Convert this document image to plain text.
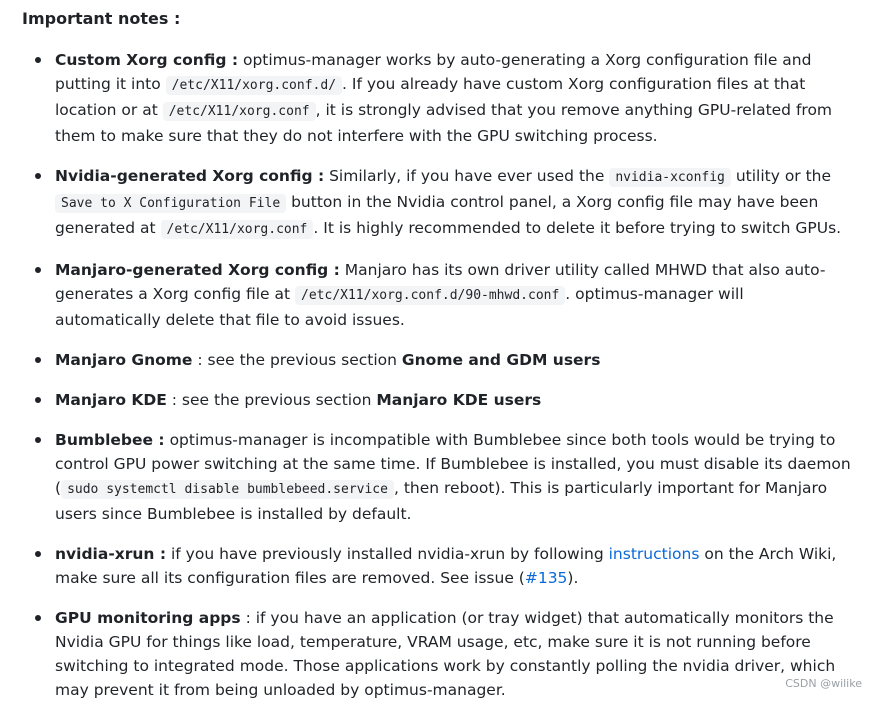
Important notes :
Custom Xorg config : optimus-manager works by auto-generating a Xorg configuration file and putting it into /etc/X11/xorg.conf.d/ . If you already have custom Xorg configuration files at that location or at /etc/X11/xorg.conf , it is strongly advised that you remove anything GPU-related from them to make sure that they do not interfere with the GPU switching process.
Nvidia-generated Xorg config : Similarly, if you have ever used the nvidia-xconfig utility or the Save to X Configuration File button in the Nvidia control panel, a Xorg config file may have been generated at /etc/X11/xorg.conf . It is highly recommended to delete it before trying to switch GPUs.
Manjaro-generated Xorg config : Manjaro has its own driver utility called MHWD that also auto-generates a Xorg config file at /etc/X11/xorg.conf.d/90-mhwd.conf . optimus-manager will automatically delete that file to avoid issues.
Manjaro Gnome : see the previous section Gnome and GDM users
Manjaro KDE : see the previous section Manjaro KDE users
Bumblebee : optimus-manager is incompatible with Bumblebee since both tools would be trying to control GPU power switching at the same time. If Bumblebee is installed, you must disable its daemon ( sudo systemctl disable bumblebeed.service , then reboot). This is particularly important for Manjaro users since Bumblebee is installed by default.
nvidia-xrun : if you have previously installed nvidia-xrun by following instructions on the Arch Wiki, make sure all its configuration files are removed. See issue (#135).
GPU monitoring apps : if you have an application (or tray widget) that automatically monitors the Nvidia GPU for things like load, temperature, VRAM usage, etc, make sure it is not running before switching to integrated mode. Those applications work by constantly polling the nvidia driver, which may prevent it from being unloaded by optimus-manager.	CSDN @wilike
